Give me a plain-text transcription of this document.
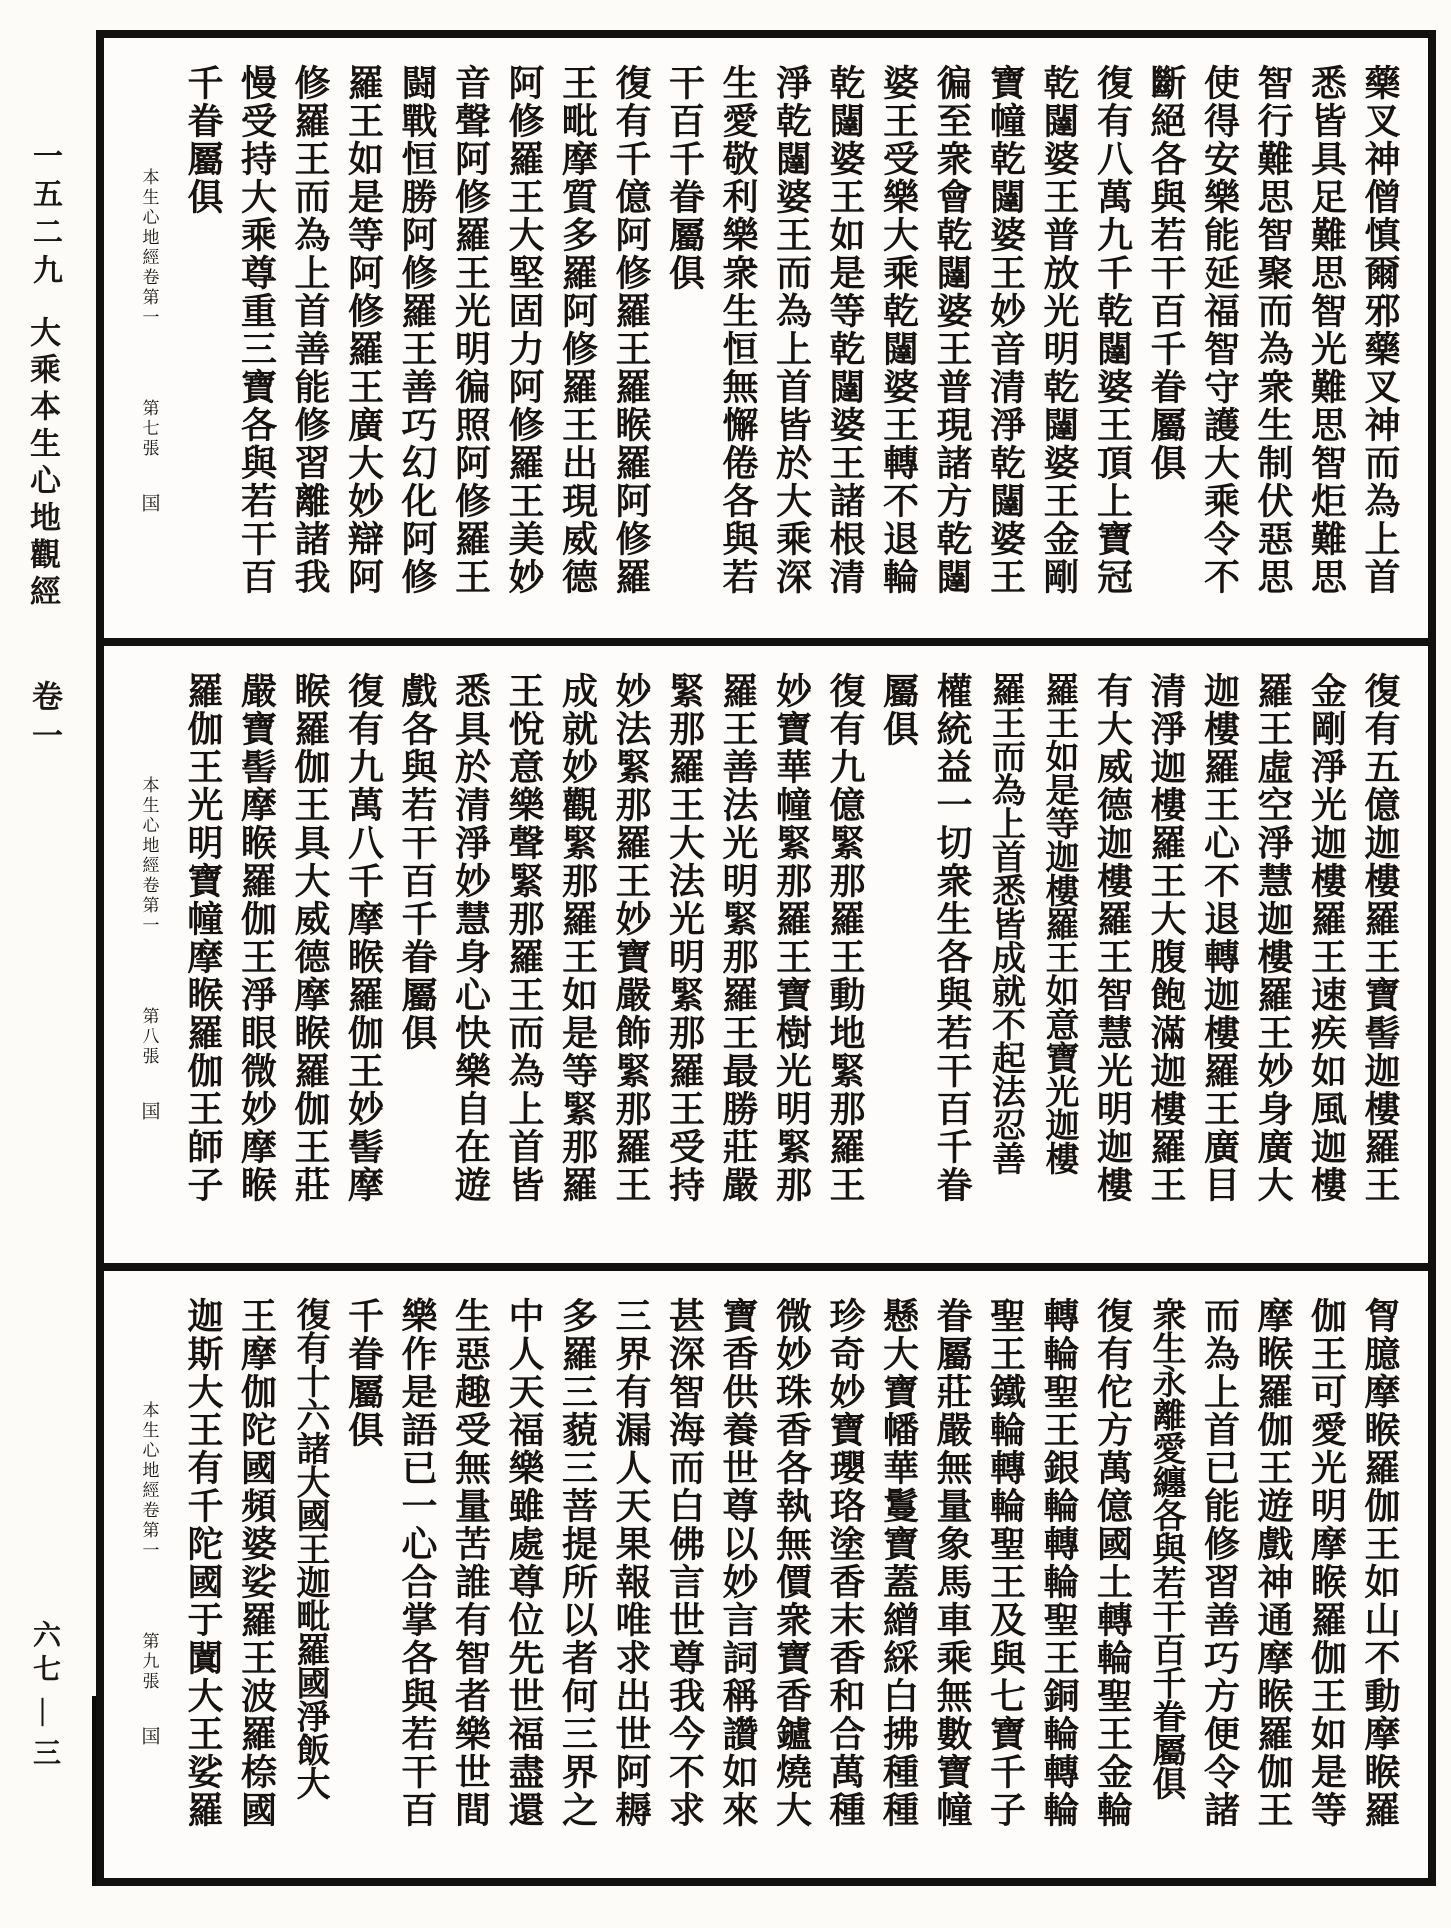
一五二九
大乘本生心地觀經
卷一
六七—三
藥叉神僧慎爾邪藥叉神而為上首
悉皆具足難思智光難思智炬難思
智行難思智聚而為衆生制伏惡思
使得安樂能延福智守護大乘令不
斷絕各與若干百千眷屬俱
復有八萬九千乾闥婆王頂上寶冠
乾闥婆王普放光明乾闥婆王金剛
寶幢乾闥婆王妙音清淨乾闥婆王
徧至衆會乾闥婆王普現諸方乾闥
婆王受樂大乘乾闥婆王轉不退輪
乾闥婆王如是等乾闥婆王諸根清
淨乾闥婆王而為上首皆於大乘深
生愛敬利樂衆生恒無懈倦各與若
干百千眷屬俱
復有千億阿修羅王羅睺羅阿修羅
王毗摩質多羅阿修羅王出現威德
阿修羅王大堅固力阿修羅王美妙
音聲阿修羅王光明徧照阿修羅王
闘戰恒勝阿修羅王善巧幻化阿修
羅王如是等阿修羅王廣大妙辯阿
修羅王而為上首善能修習離諸我
慢受持大乘尊重三寶各與若干百
千眷屬俱
本生心地經卷第一 第七張 国
復有五億迦樓羅王寶髻迦樓羅王
金剛淨光迦樓羅王速疾如風迦樓
羅王虛空淨慧迦樓羅王妙身廣大
迦樓羅王心不退轉迦樓羅王廣目
清淨迦樓羅王大腹飽滿迦樓羅王
有大威德迦樓羅王智慧光明迦樓
羅王如是等迦樓羅王如意寶光迦樓
羅王而為上首悉皆成就不起法忍善
權統益一切衆生各與若干百千眷
屬俱
復有九億緊那羅王動地緊那羅王
妙寶華幢緊那羅王寶樹光明緊那
羅王善法光明緊那羅王最勝莊嚴
緊那羅王大法光明緊那羅王受持
妙法緊那羅王妙寶嚴飾緊那羅王
成就妙觀緊那羅王如是等緊那羅
王悅意樂聲緊那羅王而為上首皆
悉具於清淨妙慧身心快樂自在遊
戲各與若干百千眷屬俱
復有九萬八千摩睺羅伽王妙髻摩
睺羅伽王具大威德摩睺羅伽王莊
嚴寶髻摩睺羅伽王淨眼微妙摩睺
羅伽王光明寶幢摩睺羅伽王師子
本生心地經卷第一 第八張 国
胷臆摩睺羅伽王如山不動摩睺羅
伽王可愛光明摩睺羅伽王如是等
摩睺羅伽王遊戲神通摩睺羅伽王
而為上首已能修習善巧方便令諸
衆生永離愛纏各與若干百千眷屬俱
復有佗方萬億國土轉輪聖王金輪
轉輪聖王銀輪轉輪聖王銅輪轉輪
聖王鐵輪轉輪聖王及與七寶千子
眷屬莊嚴無量象馬車乘無數寶幢
懸大寶幡華鬘寶蓋繒綵白拂種種
珍奇妙寶瓔珞塗香末香和合萬種
微妙珠香各執無價衆寶香鑪燒大
寶香供養世尊以妙言詞稱讚如來
甚深智海而白佛言世尊我今不求
三界有漏人天果報唯求出世阿耨
多羅三藐三菩提所以者何三界之
中人天福樂雖處尊位先世福盡還
生惡趣受無量苦誰有智者樂世間
樂作是語已一心合掌各與若干百
千眷屬俱
復有十六諸大國王迦毗羅國淨飯大
王摩伽陀國頻婆娑羅王波羅㮈國
迦斯大王有千陀國于闐大王娑羅
本生心地經卷第一 第九張 国
